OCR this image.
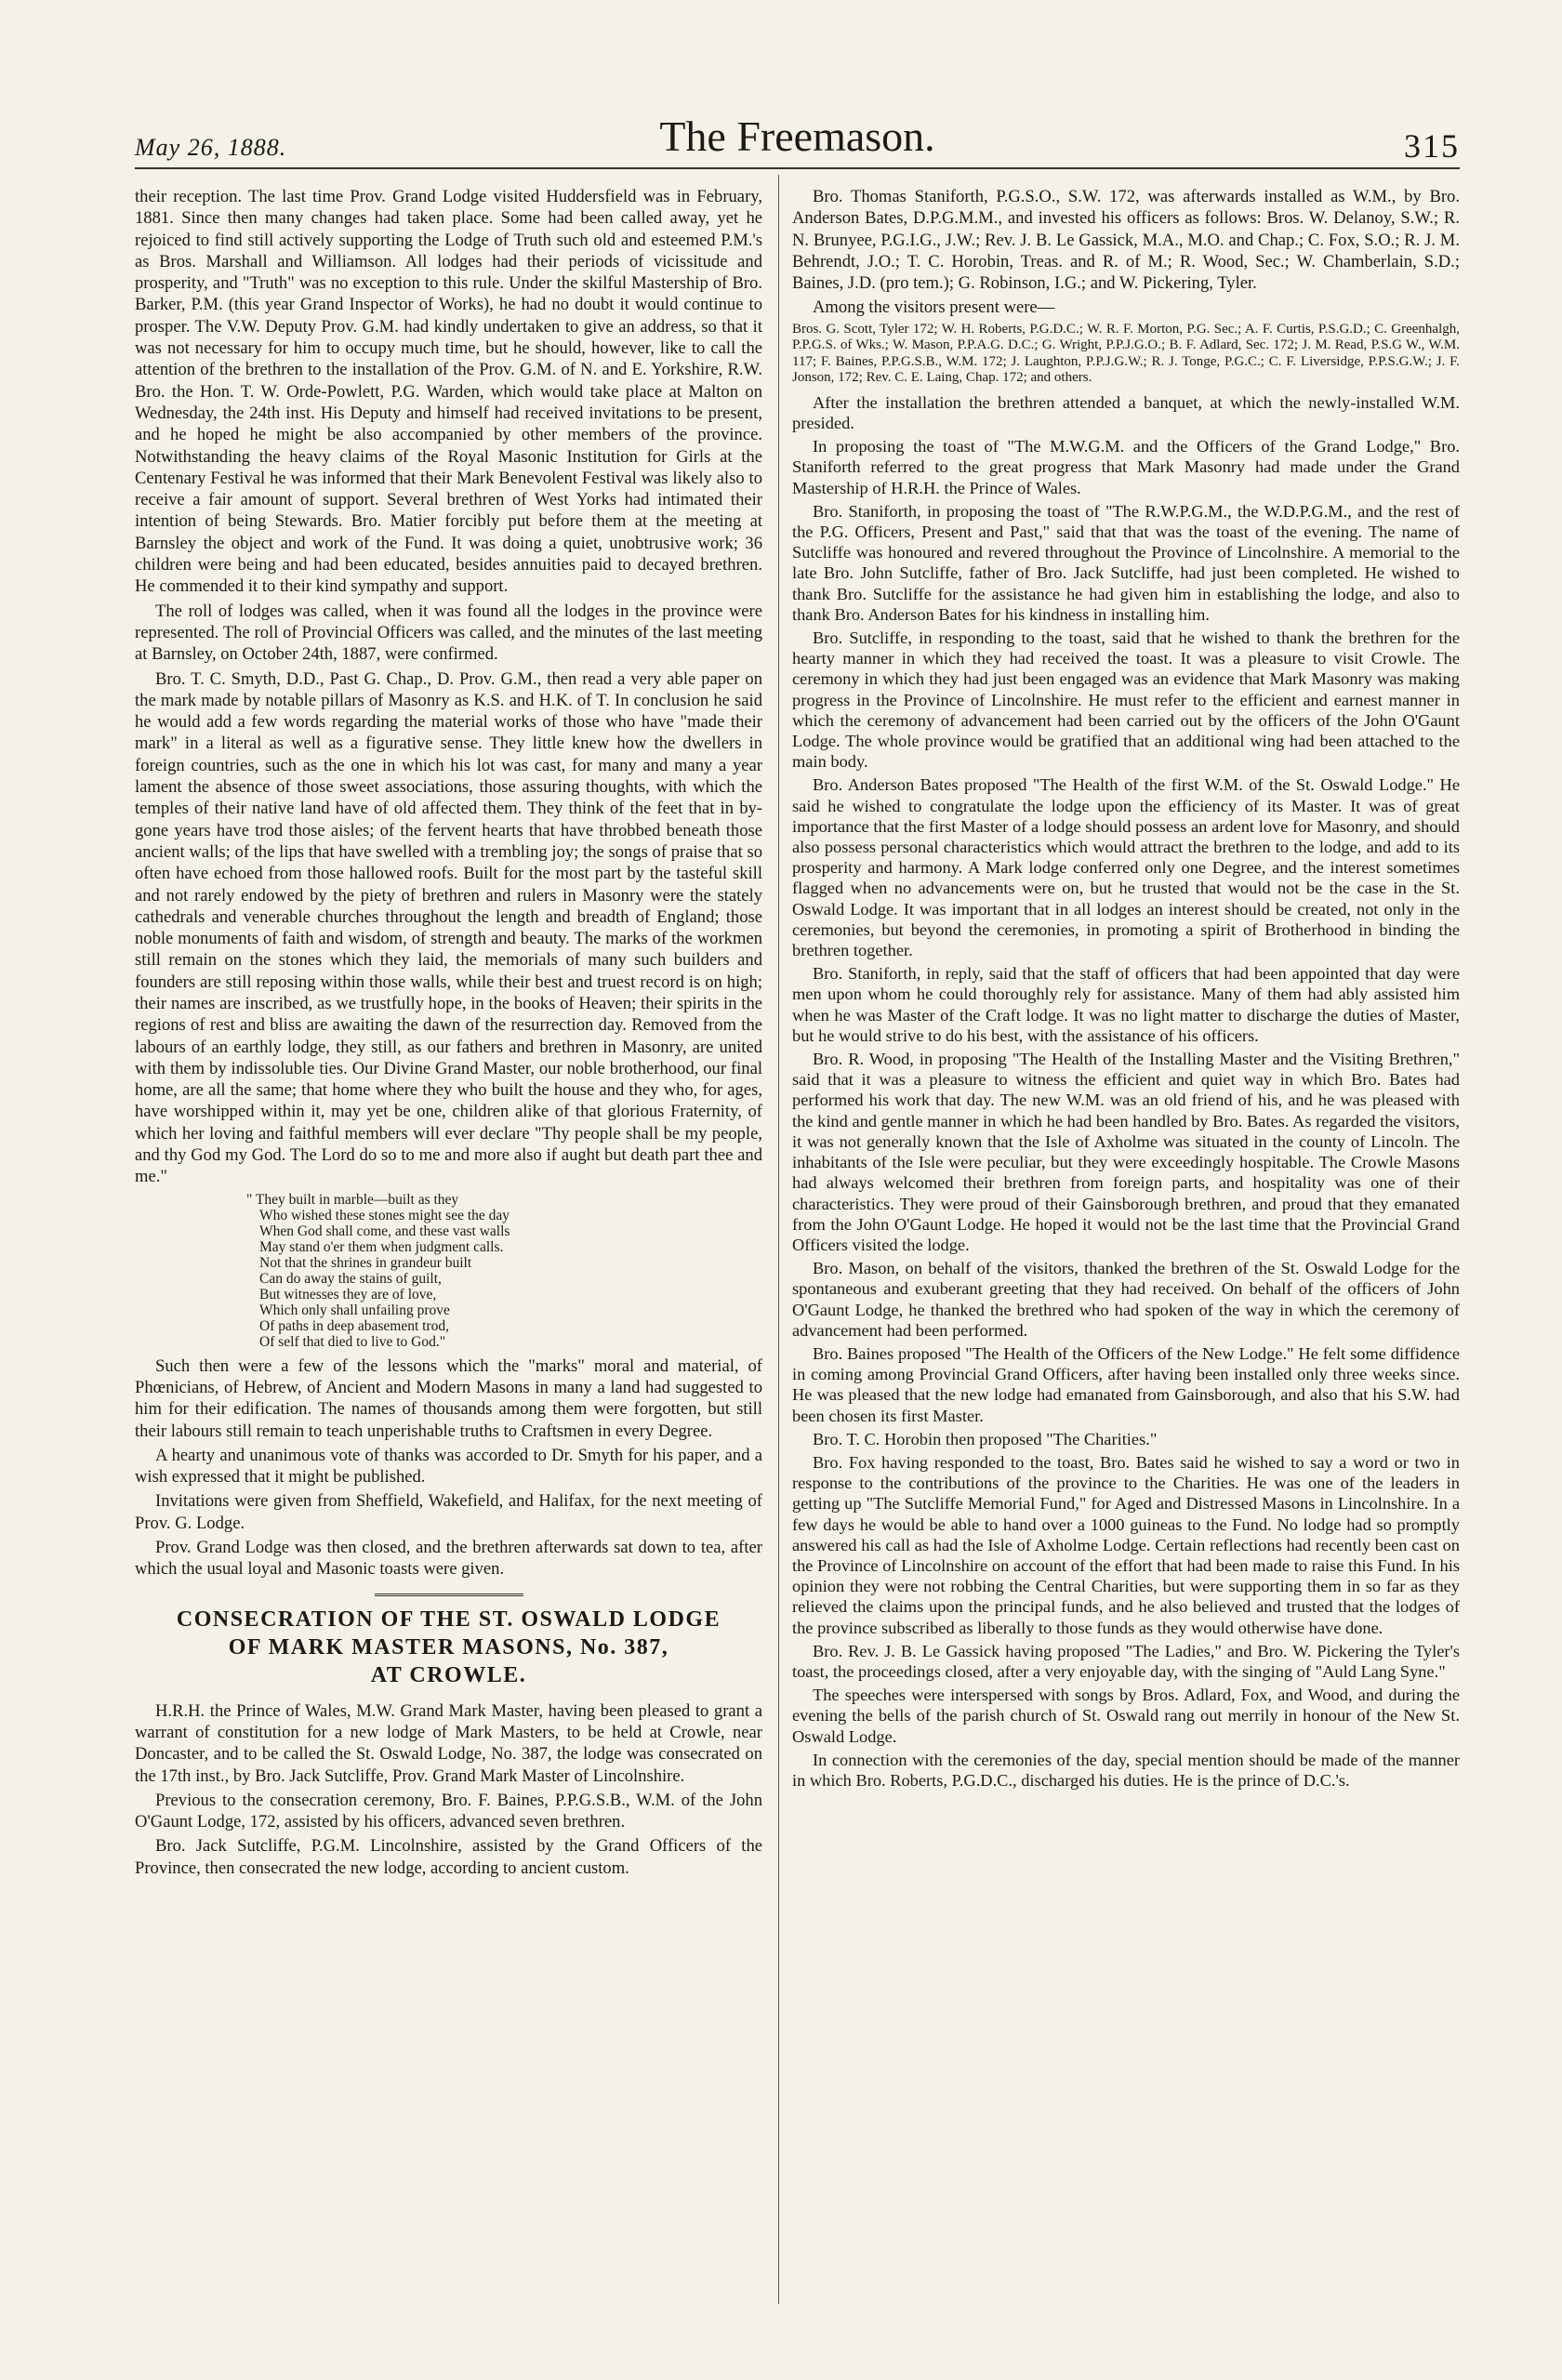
May 26, 1888.	The Freemason.	315

their reception. The last time Prov. Grand Lodge visited Huddersfield was in February, 1881. Since then many changes had taken place. Some had been called away, yet he rejoiced to find still actively supporting the Lodge of Truth such old and esteemed P.M.'s as Bros. Marshall and Williamson. All lodges had their periods of vicissitude and prosperity, and "Truth" was no exception to this rule. Under the skilful Mastership of Bro. Barker, P.M. (this year Grand Inspector of Works), he had no doubt it would continue to prosper. The V.W. Deputy Prov. G.M. had kindly undertaken to give an address, so that it was not necessary for him to occupy much time, but he should, however, like to call the attention of the brethren to the installation of the Prov. G.M. of N. and E. Yorkshire, R.W. Bro. the Hon. T. W. Orde-Powlett, P.G. Warden, which would take place at Malton on Wednesday, the 24th inst. His Deputy and himself had received invitations to be present, and he hoped he might be also accompanied by other members of the province. Notwithstanding the heavy claims of the Royal Masonic Institution for Girls at the Centenary Festival he was informed that their Mark Benevolent Festival was likely also to receive a fair amount of support. Several brethren of West Yorks had intimated their intention of being Stewards. Bro. Matier forcibly put before them at the meeting at Barnsley the object and work of the Fund. It was doing a quiet, unobtrusive work; 36 children were being and had been educated, besides annuities paid to decayed brethren. He commended it to their kind sympathy and support.

The roll of lodges was called, when it was found all the lodges in the province were represented. The roll of Provincial Officers was called, and the minutes of the last meeting at Barnsley, on October 24th, 1887, were confirmed.

Bro. T. C. Smyth, D.D., Past G. Chap., D. Prov. G.M., then read a very able paper on the mark made by notable pillars of Masonry as K.S. and H.K. of T. In conclusion he said he would add a few words regarding the material works of those who have "made their mark" in a literal as well as a figurative sense. They little knew how the dwellers in foreign countries, such as the one in which his lot was cast, for many and many a year lament the absence of those sweet associations, those assuring thoughts, with which the temples of their native land have of old affected them. They think of the feet that in by-gone years have trod those aisles; of the fervent hearts that have throbbed beneath those ancient walls; of the lips that have swelled with a trembling joy; the songs of praise that so often have echoed from those hallowed roofs. Built for the most part by the tasteful skill and not rarely endowed by the piety of brethren and rulers in Masonry were the stately cathedrals and venerable churches throughout the length and breadth of England; those noble monuments of faith and wisdom, of strength and beauty. The marks of the workmen still remain on the stones which they laid, the memorials of many such builders and founders are still reposing within those walls, while their best and truest record is on high; their names are inscribed, as we trustfully hope, in the books of Heaven; their spirits in the regions of rest and bliss are awaiting the dawn of the resurrection day. Removed from the labours of an earthly lodge, they still, as our fathers and brethren in Masonry, are united with them by indissoluble ties. Our Divine Grand Master, our noble brotherhood, our final home, are all the same; that home where they who built the house and they who, for ages, have worshipped within it, may yet be one, children alike of that glorious Fraternity, of which her loving and faithful members will ever declare "Thy people shall be my people, and thy God my God. The Lord do so to me and more also if aught but death part thee and me."

" They built in marble—built as they
Who wished these stones might see the day
When God shall come, and these vast walls
May stand o'er them when judgment calls.
Not that the shrines in grandeur built
Can do away the stains of guilt,
But witnesses they are of love,
Which only shall unfailing prove
Of paths in deep abasement trod,
Of self that died to live to God."

Such then were a few of the lessons which the "marks" moral and material, of Phœnicians, of Hebrew, of Ancient and Modern Masons in many a land had suggested to him for their edification. The names of thousands among them were forgotten, but still their labours still remain to teach unperishable truths to Craftsmen in every Degree.

A hearty and unanimous vote of thanks was accorded to Dr. Smyth for his paper, and a wish expressed that it might be published.

Invitations were given from Sheffield, Wakefield, and Halifax, for the next meeting of Prov. G. Lodge.

Prov. Grand Lodge was then closed, and the brethren afterwards sat down to tea, after which the usual loyal and Masonic toasts were given.

CONSECRATION OF THE ST. OSWALD LODGE
OF MARK MASTER MASONS, No. 387,
AT CROWLE.

H.R.H. the Prince of Wales, M.W. Grand Mark Master, having been pleased to grant a warrant of constitution for a new lodge of Mark Masters, to be held at Crowle, near Doncaster, and to be called the St. Oswald Lodge, No. 387, the lodge was consecrated on the 17th inst., by Bro. Jack Sutcliffe, Prov. Grand Mark Master of Lincolnshire.

Previous to the consecration ceremony, Bro. F. Baines, P.P.G.S.B., W.M. of the John O'Gaunt Lodge, 172, assisted by his officers, advanced seven brethren.

Bro. Jack Sutcliffe, P.G.M. Lincolnshire, assisted by the Grand Officers of the Province, then consecrated the new lodge, according to ancient custom.

Bro. Thomas Staniforth, P.G.S.O., S.W. 172, was afterwards installed as W.M., by Bro. Anderson Bates, D.P.G.M.M., and invested his officers as follows: Bros. W. Delanoy, S.W.; R. N. Brunyee, P.G.I.G., J.W.; Rev. J. B. Le Gassick, M.A., M.O. and Chap.; C. Fox, S.O.; R. J. M. Behrendt, J.O.; T. C. Horobin, Treas. and R. of M.; R. Wood, Sec.; W. Chamberlain, S.D.; Baines, J.D. (pro tem.); G. Robinson, I.G.; and W. Pickering, Tyler.

Among the visitors present were—

Bros. G. Scott, Tyler 172; W. H. Roberts, P.G.D.C.; W. R. F. Morton, P.G. Sec.; A. F. Curtis, P.S.G.D.; C. Greenhalgh, P.P.G.S. of Wks.; W. Mason, P.P.A.G. D.C.; G. Wright, P.P.J.G.O.; B. F. Adlard, Sec. 172; J. M. Read, P.S.G W., W.M. 117; F. Baines, P.P.G.S.B., W.M. 172; J. Laughton, P.P.J.G.W.; R. J. Tonge, P.G.C.; C. F. Liversidge, P.P.S.G.W.; J. F. Jonson, 172; Rev. C. E. Laing, Chap. 172; and others.

After the installation the brethren attended a banquet, at which the newly-installed W.M. presided.

In proposing the toast of "The M.W.G.M. and the Officers of the Grand Lodge," Bro. Staniforth referred to the great progress that Mark Masonry had made under the Grand Mastership of H.R.H. the Prince of Wales.

Bro. Staniforth, in proposing the toast of "The R.W.P.G.M., the W.D.P.G.M., and the rest of the P.G. Officers, Present and Past," said that that was the toast of the evening. The name of Sutcliffe was honoured and revered throughout the Province of Lincolnshire. A memorial to the late Bro. John Sutcliffe, father of Bro. Jack Sutcliffe, had just been completed. He wished to thank Bro. Sutcliffe for the assistance he had given him in establishing the lodge, and also to thank Bro. Anderson Bates for his kindness in installing him.

Bro. Sutcliffe, in responding to the toast, said that he wished to thank the brethren for the hearty manner in which they had received the toast. It was a pleasure to visit Crowle. The ceremony in which they had just been engaged was an evidence that Mark Masonry was making progress in the Province of Lincolnshire. He must refer to the efficient and earnest manner in which the ceremony of advancement had been carried out by the officers of the John O'Gaunt Lodge. The whole province would be gratified that an additional wing had been attached to the main body.

Bro. Anderson Bates proposed "The Health of the first W.M. of the St. Oswald Lodge." He said he wished to congratulate the lodge upon the efficiency of its Master. It was of great importance that the first Master of a lodge should possess an ardent love for Masonry, and should also possess personal characteristics which would attract the brethren to the lodge, and add to its prosperity and harmony. A Mark lodge conferred only one Degree, and the interest sometimes flagged when no advancements were on, but he trusted that would not be the case in the St. Oswald Lodge. It was important that in all lodges an interest should be created, not only in the ceremonies, but beyond the ceremonies, in promoting a spirit of Brotherhood in binding the brethren together.

Bro. Staniforth, in reply, said that the staff of officers that had been appointed that day were men upon whom he could thoroughly rely for assistance. Many of them had ably assisted him when he was Master of the Craft lodge. It was no light matter to discharge the duties of Master, but he would strive to do his best, with the assistance of his officers.

Bro. R. Wood, in proposing "The Health of the Installing Master and the Visiting Brethren," said that it was a pleasure to witness the efficient and quiet way in which Bro. Bates had performed his work that day. The new W.M. was an old friend of his, and he was pleased with the kind and gentle manner in which he had been handled by Bro. Bates. As regarded the visitors, it was not generally known that the Isle of Axholme was situated in the county of Lincoln. The inhabitants of the Isle were peculiar, but they were exceedingly hospitable. The Crowle Masons had always welcomed their brethren from foreign parts, and hospitality was one of their characteristics. They were proud of their Gainsborough brethren, and proud that they emanated from the John O'Gaunt Lodge. He hoped it would not be the last time that the Provincial Grand Officers visited the lodge.

Bro. Mason, on behalf of the visitors, thanked the brethren of the St. Oswald Lodge for the spontaneous and exuberant greeting that they had received. On behalf of the officers of John O'Gaunt Lodge, he thanked the brethred who had spoken of the way in which the ceremony of advancement had been performed.

Bro. Baines proposed "The Health of the Officers of the New Lodge." He felt some diffidence in coming among Provincial Grand Officers, after having been installed only three weeks since. He was pleased that the new lodge had emanated from Gainsborough, and also that his S.W. had been chosen its first Master.

Bro. T. C. Horobin then proposed "The Charities."

Bro. Fox having responded to the toast, Bro. Bates said he wished to say a word or two in response to the contributions of the province to the Charities. He was one of the leaders in getting up "The Sutcliffe Memorial Fund," for Aged and Distressed Masons in Lincolnshire. In a few days he would be able to hand over a 1000 guineas to the Fund. No lodge had so promptly answered his call as had the Isle of Axholme Lodge. Certain reflections had recently been cast on the Province of Lincolnshire on account of the effort that had been made to raise this Fund. In his opinion they were not robbing the Central Charities, but were supporting them in so far as they relieved the claims upon the principal funds, and he also believed and trusted that the lodges of the province subscribed as liberally to those funds as they would otherwise have done.

Bro. Rev. J. B. Le Gassick having proposed "The Ladies," and Bro. W. Pickering the Tyler's toast, the proceedings closed, after a very enjoyable day, with the singing of "Auld Lang Syne."

The speeches were interspersed with songs by Bros. Adlard, Fox, and Wood, and during the evening the bells of the parish church of St. Oswald rang out merrily in honour of the New St. Oswald Lodge.

In connection with the ceremonies of the day, special mention should be made of the manner in which Bro. Roberts, P.G.D.C., discharged his duties. He is the prince of D.C.'s.
